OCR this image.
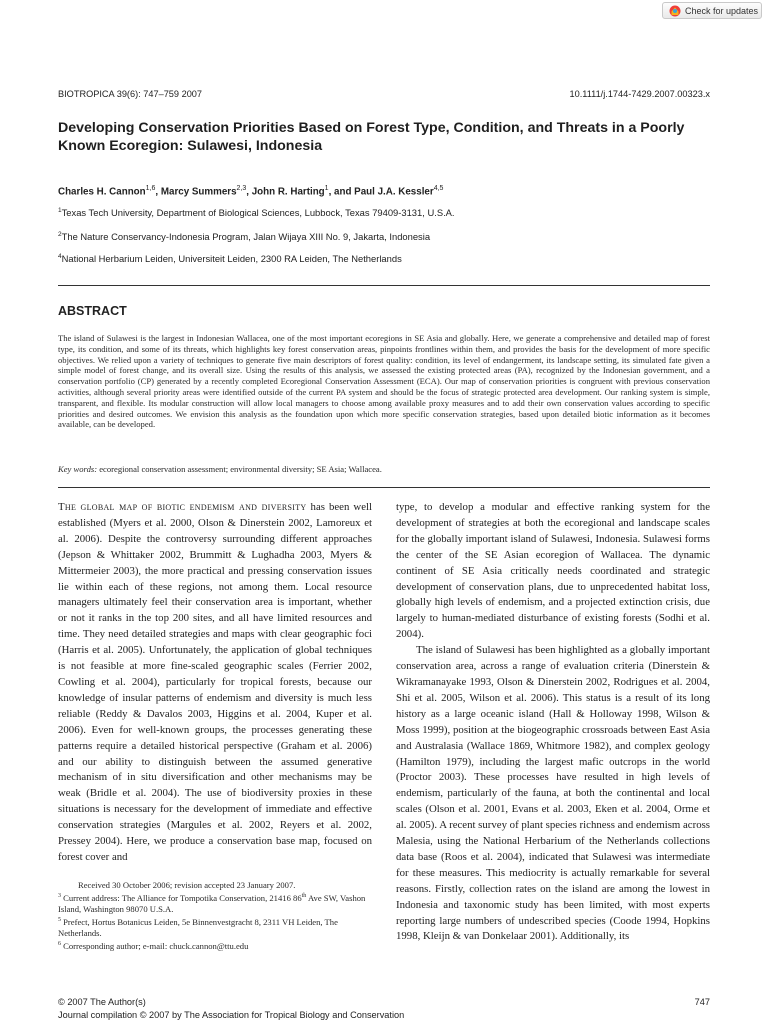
Check for updates
BIOTROPICA 39(6): 747–759 2007	10.1111/j.1744-7429.2007.00323.x
Developing Conservation Priorities Based on Forest Type, Condition, and Threats in a Poorly Known Ecoregion: Sulawesi, Indonesia
Charles H. Cannon$^{1,6}$, Marcy Summers$^{2,3}$, John R. Harting$^1$, and Paul J.A. Kessler$^{4,5}$
$^1$Texas Tech University, Department of Biological Sciences, Lubbock, Texas 79409-3131, U.S.A.
$^2$The Nature Conservancy-Indonesia Program, Jalan Wijaya XIII No. 9, Jakarta, Indonesia
$^4$National Herbarium Leiden, Universiteit Leiden, 2300 RA Leiden, The Netherlands
ABSTRACT
The island of Sulawesi is the largest in Indonesian Wallacea, one of the most important ecoregions in SE Asia and globally. Here, we generate a comprehensive and detailed map of forest type, its condition, and some of its threats, which highlights key forest conservation areas, pinpoints frontlines within them, and provides the basis for the development of more specific objectives. We relied upon a variety of techniques to generate five main descriptors of forest quality: condition, its level of endangerment, its landscape setting, its simulated fate given a simple model of forest change, and its overall size. Using the results of this analysis, we assessed the existing protected areas (PA), recognized by the Indonesian government, and a conservation portfolio (CP) generated by a recently completed Ecoregional Conservation Assessment (ECA). Our map of conservation priorities is congruent with previous conservation activities, although several priority areas were identified outside of the current PA system and should be the focus of strategic protected area development. Our ranking system is simple, transparent, and flexible. Its modular construction will allow local managers to choose among available proxy measures and to add their own conservation values according to specific priorities and desired outcomes. We envision this analysis as the foundation upon which more specific conservation strategies, based upon detailed biotic information as it becomes available, can be developed.
Key words: ecoregional conservation assessment; environmental diversity; SE Asia; Wallacea.

The global map of biotic endemism and diversity has been well established (Myers et al. 2000, Olson & Dinerstein 2002, Lamoreux et al. 2006). Despite the controversy surrounding different approaches (Jepson & Whittaker 2002, Brummitt & Lughadha 2003, Myers & Mittermeier 2003), the more practical and pressing conservation issues lie within each of these regions, not among them. Local resource managers ultimately feel their conservation area is important, whether or not it ranks in the top 200 sites, and all have limited resources and time. They need detailed strategies and maps with clear geographic foci (Harris et al. 2005). Unfortunately, the application of global techniques is not feasible at more fine-scaled geographic scales (Ferrier 2002, Cowling et al. 2004), particularly for tropical forests, because our knowledge of insular patterns of endemism and diversity is much less reliable (Reddy & Davalos 2003, Higgins et al. 2004, Kuper et al. 2006). Even for well-known groups, the processes generating these patterns require a detailed historical perspective (Graham et al. 2006) and our ability to distinguish between the assumed generative mechanism of in situ diversification and other mechanisms may be weak (Bridle et al. 2004). The use of biodiversity proxies in these situations is necessary for the development of immediate and effective conservation strategies (Margules et al. 2002, Reyers et al. 2002, Pressey 2004). Here, we produce a conservation base map, focused on forest cover and

Received 30 October 2006; revision accepted 23 January 2007.

$^3$ Current address: The Alliance for Tompotika Conservation, 21416 86th Ave SW, Vashon Island, Washington 98070 U.S.A.

$^5$ Prefect, Hortus Botanicus Leiden, 5e Binnenvestgracht 8, 2311 VH Leiden, The Netherlands.

$^6$ Corresponding author; e-mail: chuck.cannon@ttu.edu

type, to develop a modular and effective ranking system for the development of strategies at both the ecoregional and landscape scales for the globally important island of Sulawesi, Indonesia. Sulawesi forms the center of the SE Asian ecoregion of Wallacea. The dynamic continent of SE Asia critically needs coordinated and strategic development of conservation plans, due to unprecedented habitat loss, globally high levels of endemism, and a projected extinction crisis, due largely to human-mediated disturbance of existing forests (Sodhi et al. 2004).

The island of Sulawesi has been highlighted as a globally important conservation area, across a range of evaluation criteria (Dinerstein & Wikramanayake 1993, Olson & Dinerstein 2002, Rodrigues et al. 2004, Shi et al. 2005, Wilson et al. 2006). This status is a result of its long history as a large oceanic island (Hall & Holloway 1998, Wilson & Moss 1999), position at the biogeographic crossroads between East Asia and Australasia (Wallace 1869, Whitmore 1982), and complex geology (Hamilton 1979), including the largest mafic outcrops in the world (Proctor 2003). These processes have resulted in high levels of endemism, particularly of the fauna, at both the continental and local scales (Olson et al. 2001, Evans et al. 2003, Eken et al. 2004, Orme et al. 2005). A recent survey of plant species richness and endemism across Malesia, using the National Herbarium of the Netherlands collections data base (Roos et al. 2004), indicated that Sulawesi was intermediate for these measures. This mediocrity is actually remarkable for several reasons. Firstly, collection rates on the island are among the lowest in Indonesia and taxonomic study has been limited, with most experts reporting large numbers of undescribed species (Coode 1994, Hopkins 1998, Kleijn & van Donkelaar 2001). Additionally, its

© 2007 The Author(s)
Journal compilation © 2007 by The Association for Tropical Biology and Conservation
747
